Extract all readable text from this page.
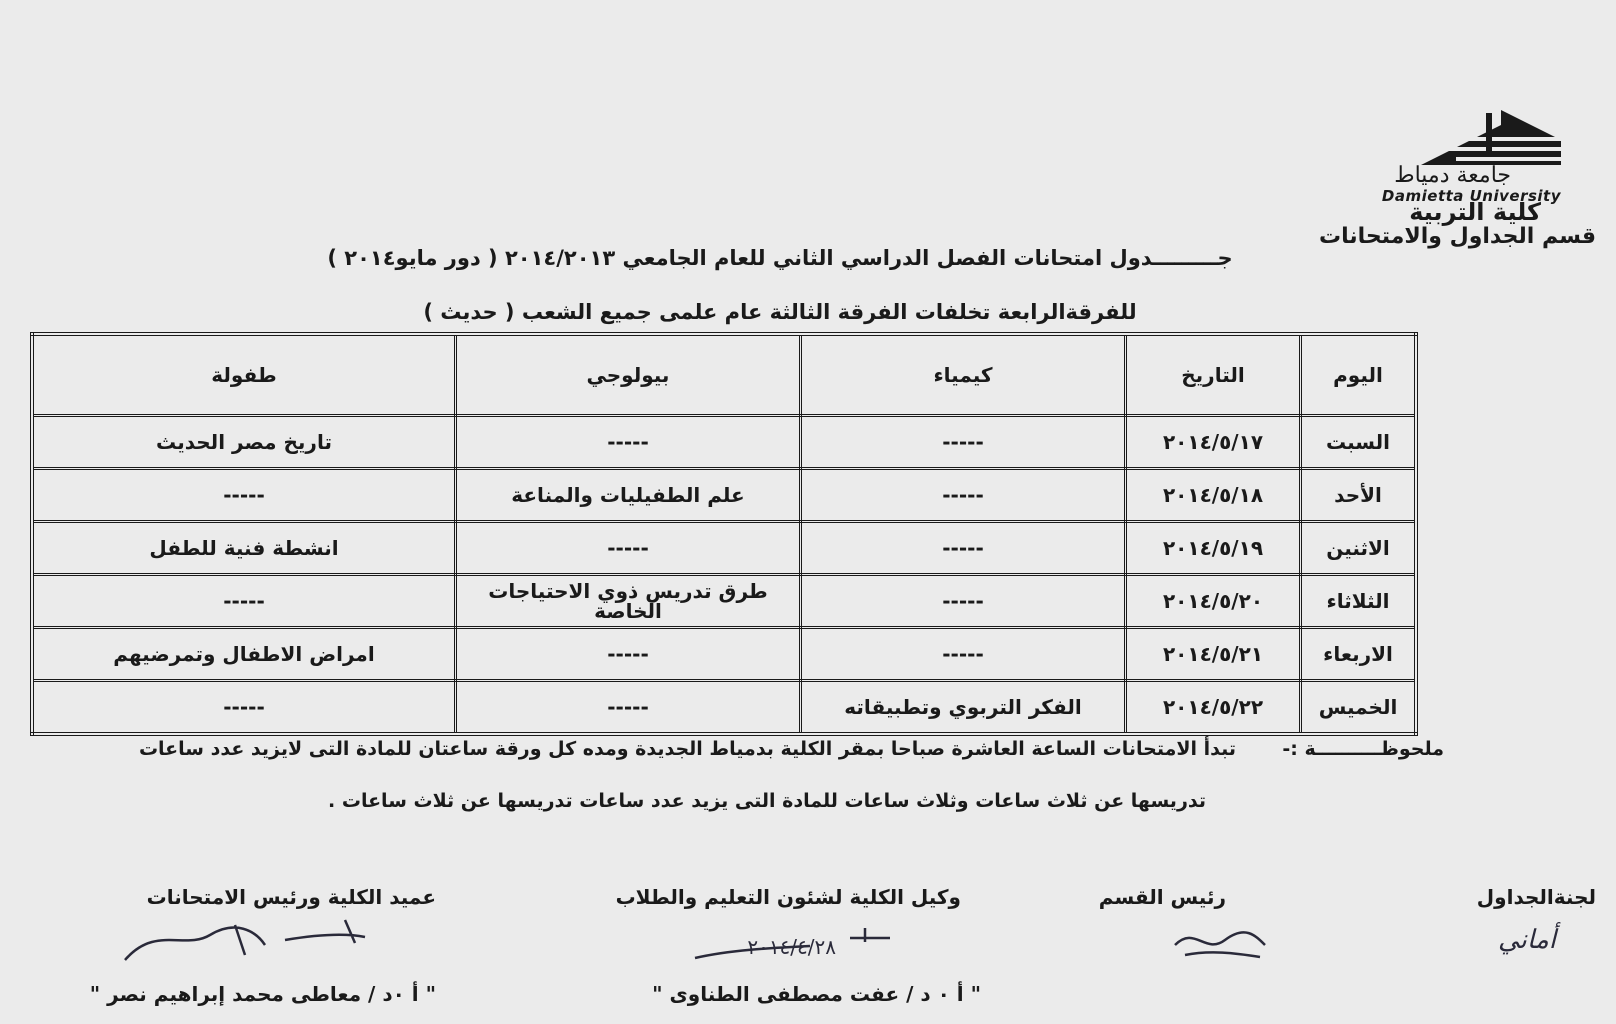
جامعة دمياط
Damietta University
كلية التربية
قسم الجداول والامتحانات
جـــــــــدول امتحانات الفصل الدراسي الثاني للعام الجامعي ٢٠١٤/٢٠١٣ ( دور مايو٢٠١٤ )
للفرقةالرابعة تخلفات الفرقة الثالثة عام علمى جميع الشعب ( حديث )
اليوم	التاريخ	كيمياء	بيولوجي	طفولة
السبت	٢٠١٤/٥/١٧	-----	-----	تاريخ مصر الحديث
الأحد	٢٠١٤/٥/١٨	-----	علم الطفيليات والمناعة	-----
الاثنين	٢٠١٤/٥/١٩	-----	-----	انشطة فنية للطفل
الثلاثاء	٢٠١٤/٥/٢٠	-----	طرق تدريس ذوي الاحتياجات الخاصة	-----
الاربعاء	٢٠١٤/٥/٢١	-----	-----	امراض الاطفال وتمرضيهم
الخميس	٢٠١٤/٥/٢٢	الفكر التربوي وتطبيقاته	-----	-----
ملحوظــــــــــة :-
تبدأ الامتحانات الساعة العاشرة صباحا بمقر الكلية بدمياط الجديدة ومده كل ورقة ساعتان للمادة التى لايزيد عدد ساعات
تدريسها عن ثلاث ساعات وثلاث ساعات للمادة التى يزيد عدد ساعات تدريسها عن ثلاث ساعات .
لجنةالجداول
أماني
رئيس القسم
وكيل الكلية لشئون التعليم والطلاب
٢٠١٤/٤/٢٨
" أ ٠ د / عفت مصطفى الطناوى "
عميد الكلية ورئيس الامتحانات
" أ ٠د / معاطى محمد إبراهيم نصر "
